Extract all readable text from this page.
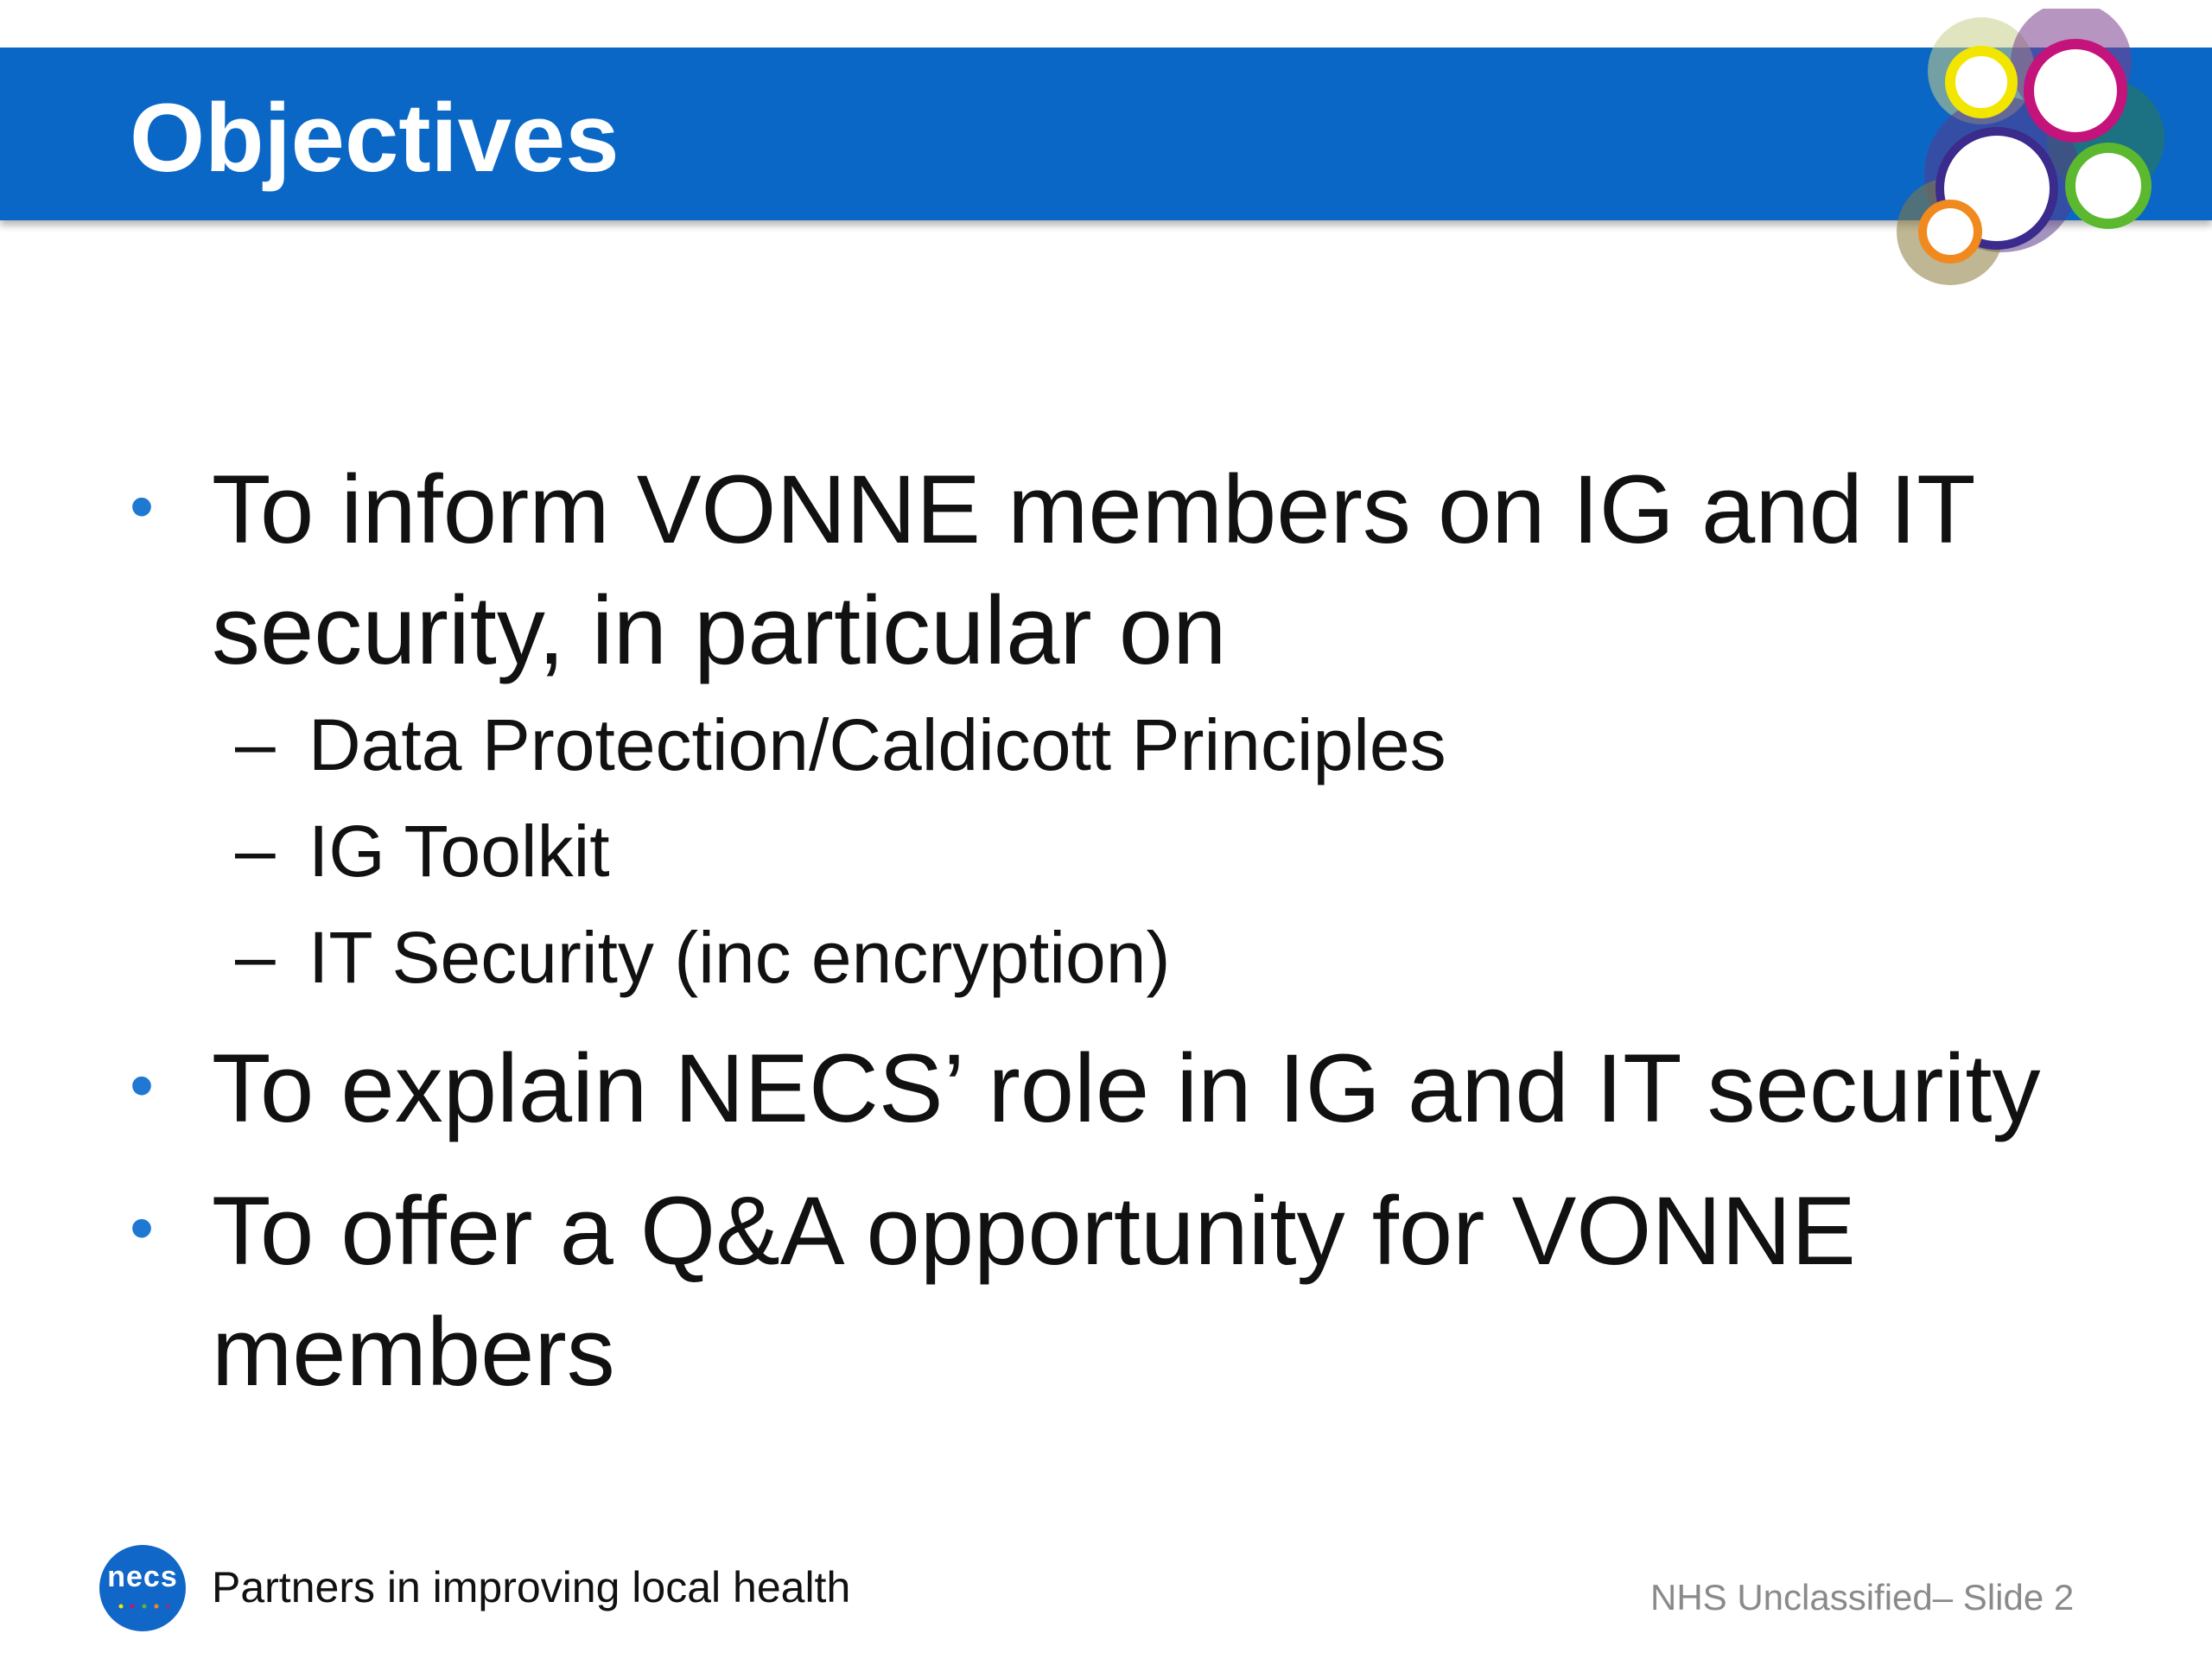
Objectives
• To inform VONNE members on IG and IT security, in particular on
– Data Protection/Caldicott Principles
– IG Toolkit
– IT Security (inc encryption)
• To explain NECS’ role in IG and IT security
• To offer a Q&A opportunity for VONNE members
necs Partners in improving local health	NHS Unclassified– Slide 2
